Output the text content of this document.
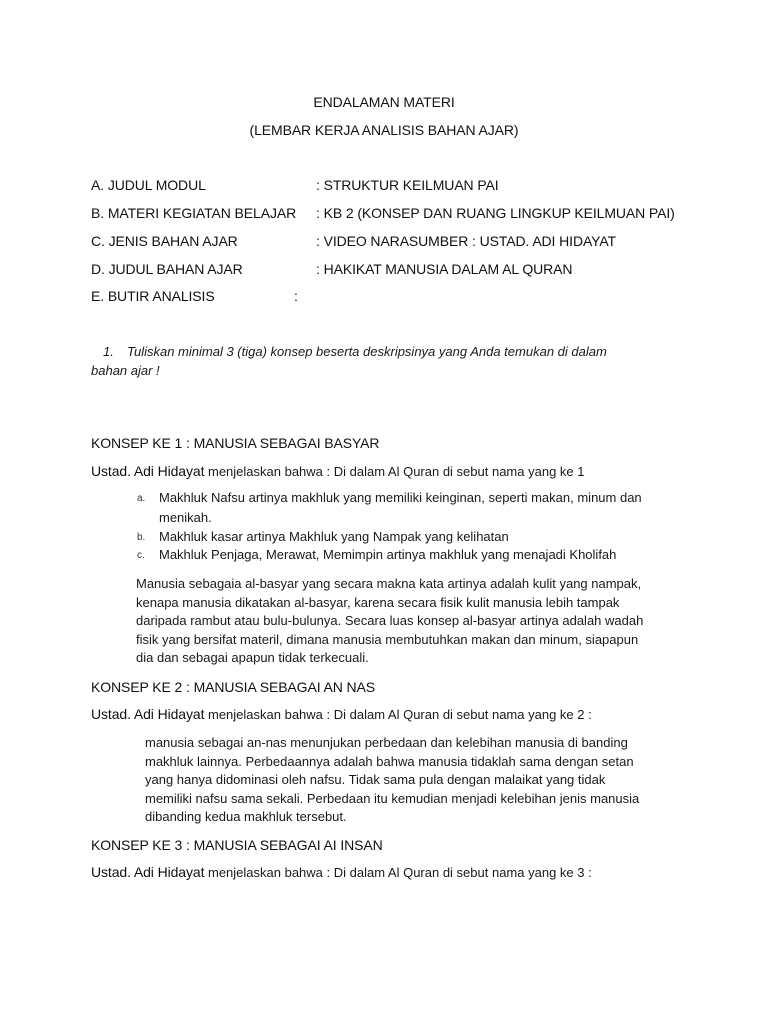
ENDALAMAN MATERI
(LEMBAR KERJA ANALISIS BAHAN AJAR)
A. JUDUL MODUL	: STRUKTUR KEILMUAN PAI
B. MATERI KEGIATAN BELAJAR : KB 2 (KONSEP DAN RUANG LINGKUP KEILMUAN PAI)
C. JENIS BAHAN AJAR	: VIDEO NARASUMBER : USTAD. ADI HIDAYAT
D. JUDUL BAHAN AJAR	: HAKIKAT MANUSIA DALAM AL QURAN
E. BUTIR ANALISIS	:
1. Tuliskan minimal 3 (tiga) konsep beserta deskripsinya yang Anda temukan di dalam
bahan ajar !
KONSEP KE 1 : MANUSIA SEBAGAI BASYAR
Ustad. Adi Hidayat menjelaskan bahwa : Di dalam Al Quran di sebut nama yang ke 1
a. Makhluk Nafsu artinya makhluk yang memiliki keinginan, seperti makan, minum dan
menikah.
b. Makhluk kasar artinya Makhluk yang Nampak yang kelihatan
c. Makhluk Penjaga, Merawat, Memimpin artinya makhluk yang menajadi Kholifah
Manusia sebagaia al-basyar yang secara makna kata artinya adalah kulit yang nampak,
kenapa manusia dikatakan al-basyar, karena secara fisik kulit manusia lebih tampak
daripada rambut atau bulu-bulunya. Secara luas konsep al-basyar artinya adalah wadah
fisik yang bersifat materil, dimana manusia membutuhkan makan dan minum, siapapun
dia dan sebagai apapun tidak terkecuali.
KONSEP KE 2 : MANUSIA SEBAGAI AN NAS
Ustad. Adi Hidayat menjelaskan bahwa : Di dalam Al Quran di sebut nama yang ke 2 :
manusia sebagai an-nas menunjukan perbedaan dan kelebihan manusia di banding
makhluk lainnya. Perbedaannya adalah bahwa manusia tidaklah sama dengan setan
yang hanya didominasi oleh nafsu. Tidak sama pula dengan malaikat yang tidak
memiliki nafsu sama sekali. Perbedaan itu kemudian menjadi kelebihan jenis manusia
dibanding kedua makhluk tersebut.
KONSEP KE 3 : MANUSIA SEBAGAI AI INSAN
Ustad. Adi Hidayat menjelaskan bahwa : Di dalam Al Quran di sebut nama yang ke 3 :
